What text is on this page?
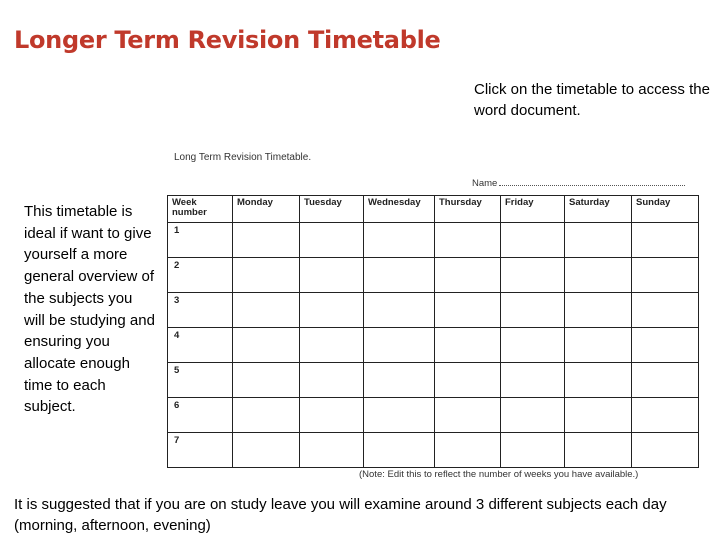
Longer Term Revision Timetable
Click on the timetable to access the word document.
This timetable is ideal if want to give yourself a more general overview of the subjects you will be studying and ensuring you allocate enough time to each subject.
Long Term Revision Timetable.
Name
Week number	Monday	Tuesday	Wednesday	Thursday	Friday	Saturday	Sunday
1							
2							
3							
4							
5							
6							
7							
(Note: Edit this to reflect the number of weeks you have available.)
It is suggested that if you are on study leave you will examine around 3 different subjects each day (morning, afternoon, evening)
